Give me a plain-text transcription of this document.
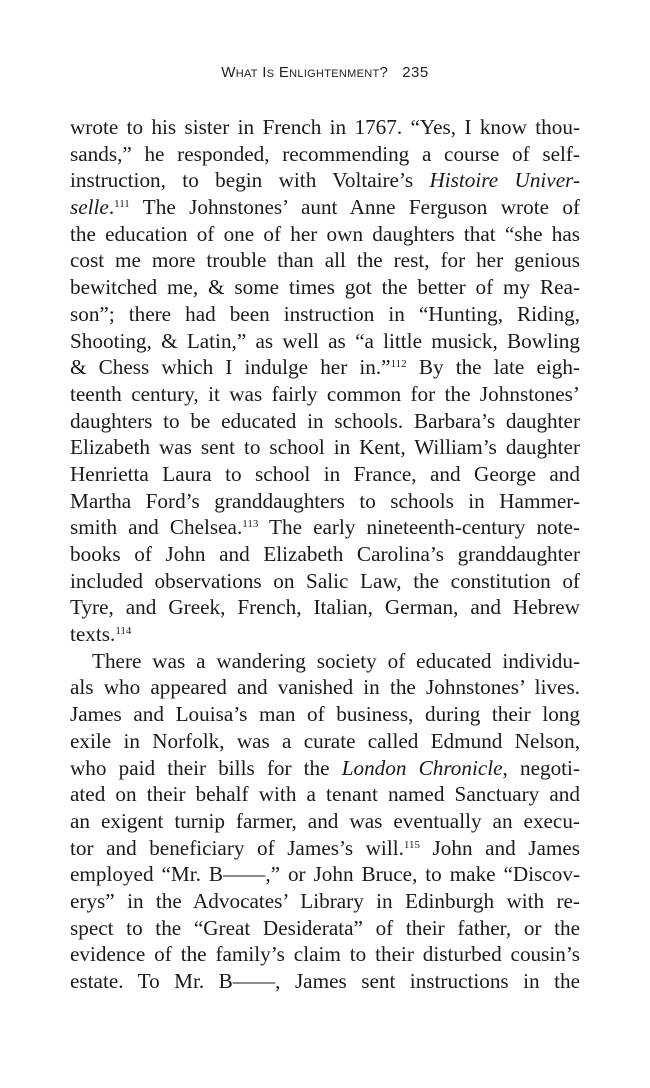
What Is Enlightenment? 235
wrote to his sister in French in 1767. “Yes, I know thou-
sands,” he responded, recommending a course of self-
instruction, to begin with Voltaire’s Histoire Univer-
selle.$^{111}$ The Johnstones’ aunt Anne Ferguson wrote of
the education of one of her own daughters that “she has
cost me more trouble than all the rest, for her genious
bewitched me, & some times got the better of my Rea-
son”; there had been instruction in “Hunting, Riding,
Shooting, & Latin,” as well as “a little musick, Bowling
& Chess which I indulge her in.”$^{112}$ By the late eigh-
teenth century, it was fairly common for the Johnstones’
daughters to be educated in schools. Barbara’s daughter
Elizabeth was sent to school in Kent, William’s daughter
Henrietta Laura to school in France, and George and
Martha Ford’s granddaughters to schools in Hammer-
smith and Chelsea.$^{113}$ The early nineteenth-century note-
books of John and Elizabeth Carolina’s granddaughter
included observations on Salic Law, the constitution of
Tyre, and Greek, French, Italian, German, and Hebrew
texts.$^{114}$
There was a wandering society of educated individu-
als who appeared and vanished in the Johnstones’ lives.
James and Louisa’s man of business, during their long
exile in Norfolk, was a curate called Edmund Nelson,
who paid their bills for the London Chronicle, negoti-
ated on their behalf with a tenant named Sanctuary and
an exigent turnip farmer, and was eventually an execu-
tor and beneficiary of James’s will.$^{115}$ John and James
employed “Mr. B——,” or John Bruce, to make “Discov-
erys” in the Advocates’ Library in Edinburgh with re-
spect to the “Great Desiderata” of their father, or the
evidence of the family’s claim to their disturbed cousin’s
estate. To Mr. B——, James sent instructions in the
